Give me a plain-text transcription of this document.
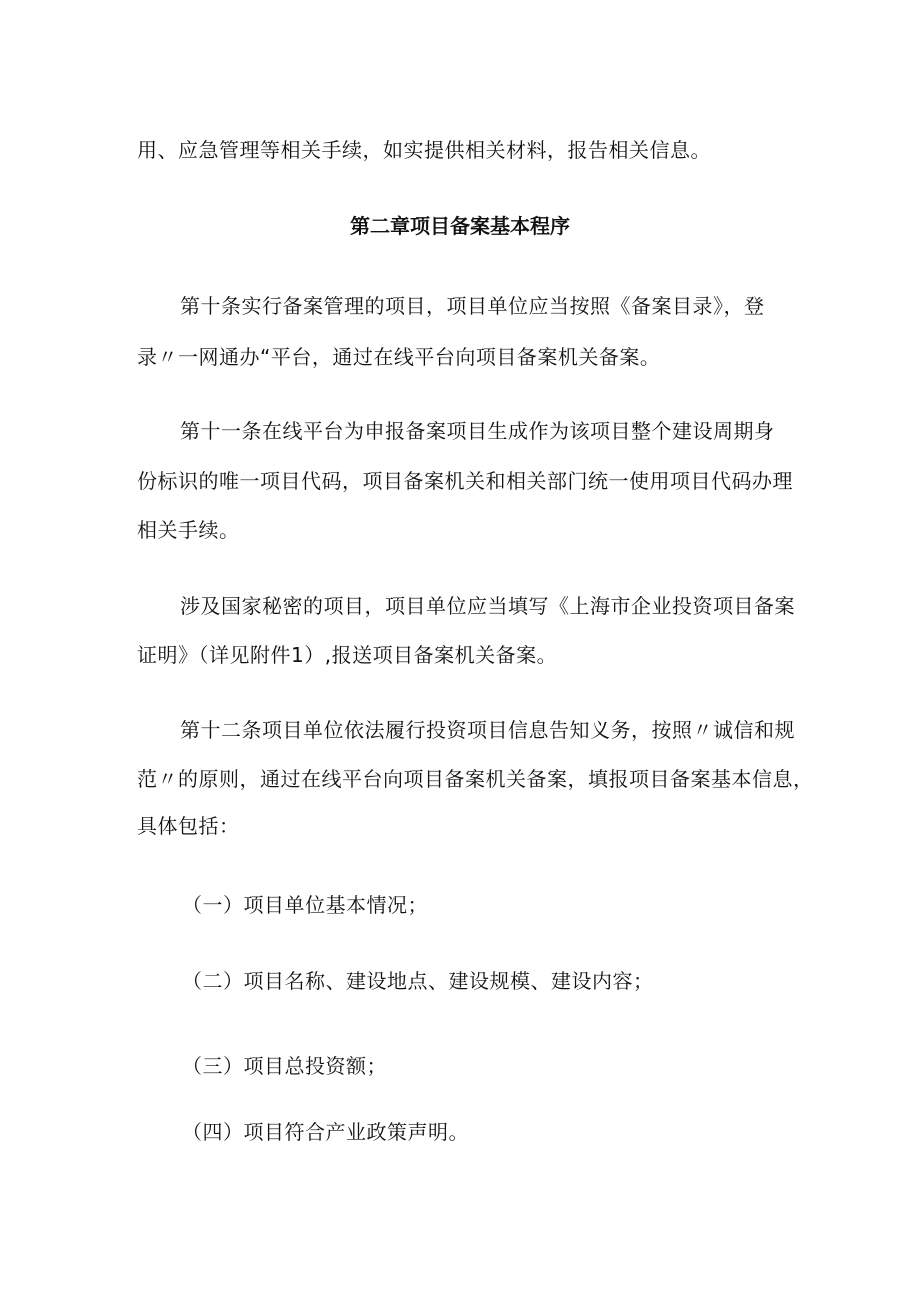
用、应急管理等相关手续，如实提供相关材料，报告相关信息。
第二章项目备案基本程序
第十条实行备案管理的项目，项目单位应当按照《备案目录》，登
录〃一网通办“平台，通过在线平台向项目备案机关备案。
第十一条在线平台为申报备案项目生成作为该项目整个建设周期身
份标识的唯一项目代码，项目备案机关和相关部门统一使用项目代码办理
相关手续。
涉及国家秘密的项目，项目单位应当填写《上海市企业投资项目备案
证明》（详见附件1）,报送项目备案机关备案。
第十二条项目单位依法履行投资项目信息告知义务，按照〃诚信和规
范〃的原则，通过在线平台向项目备案机关备案，填报项目备案基本信息，
具体包括：
（一）项目单位基本情况；
（二）项目名称、建设地点、建设规模、建设内容；
（三）项目总投资额；
（四）项目符合产业政策声明。
